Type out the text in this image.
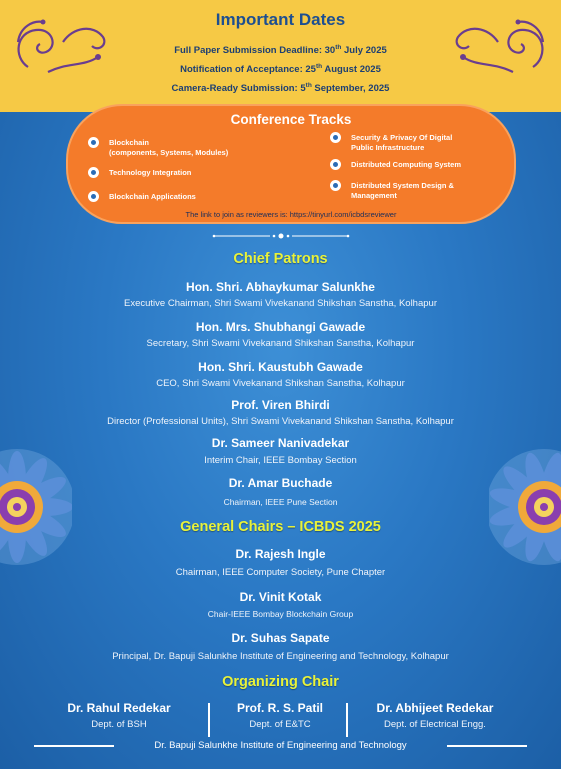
Important Dates
Full Paper Submission Deadline: 30th July 2025
Notification of Acceptance: 25th August 2025
Camera-Ready Submission: 5th September, 2025
Conference Tracks
Blockchain
(components, Systems, Modules)
Technology Integration
Blockchain Applications
Security & Privacy Of Digital
Public Infrastructure
Distributed Computing System
Distributed System Design &
Management
The link to join as reviewers is: https://tinyurl.com/icbdsreviewer
Chief Patrons
Hon. Shri. Abhaykumar Salunkhe
Executive Chairman, Shri Swami Vivekanand Shikshan Sanstha, Kolhapur
Hon. Mrs. Shubhangi Gawade
Secretary, Shri Swami Vivekanand Shikshan Sanstha, Kolhapur
Hon. Shri. Kaustubh Gawade
CEO, Shri Swami Vivekanand Shikshan Sanstha, Kolhapur
Prof. Viren Bhirdi
Director (Professional Units), Shri Swami Vivekanand Shikshan Sanstha, Kolhapur
Dr. Sameer Nanivadekar
Interim Chair, IEEE Bombay Section
Dr. Amar Buchade
Chairman, IEEE Pune Section
General Chairs – ICBDS 2025
Dr. Rajesh Ingle
Chairman, IEEE Computer Society, Pune Chapter
Dr. Vinit Kotak
Chair-IEEE Bombay Blockchain Group
Dr. Suhas Sapate
Principal, Dr. Bapuji Salunkhe Institute of Engineering and Technology, Kolhapur
Organizing Chair
Dr. Rahul Redekar
Dept. of BSH
Prof. R. S. Patil
Dept. of E&TC
Dr. Abhijeet Redekar
Dept. of Electrical Engg.
Dr. Bapuji Salunkhe Institute of Engineering and Technology
